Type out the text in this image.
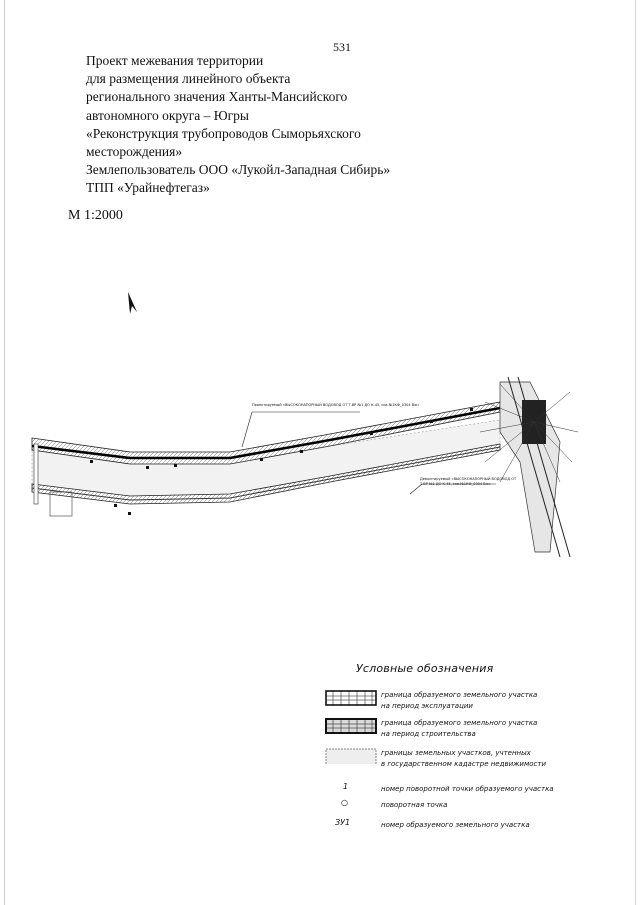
531
Проект межевания территории
для размещения линейного объекта
регионального значения Ханты-Мансийского
автономного округа – Югры
«Реконструкция трубопроводов Сыморьяхского
месторождения»
Землепользователь ООО «Лукойл-Западная Сибирь»
ТПП «Урайнефтегаз»
М 1:2000
Проектируемый «ВЫСОКОНАПОРНЫЙ ВОДОВОД ОТ Т.ВР №1 ДО К-45, скв.№1КФ_0304 Вж»
Демонтируемый «ВЫСОКОНАПОРНЫЙ ВОДОВОД ОТ Т.ВР №1 ДО К-45, скв.№1КФ_0304 Вж»
Условные обозначения
граница образуемого земельного участка
на период эксплуатации
граница образуемого земельного участка
на период строительства
границы земельных участков, учтенных
в государственном кадастре недвижимости
1	номер поворотной точки образуемого участка
○	поворотная точка
ЗУ1	номер образуемого земельного участка
